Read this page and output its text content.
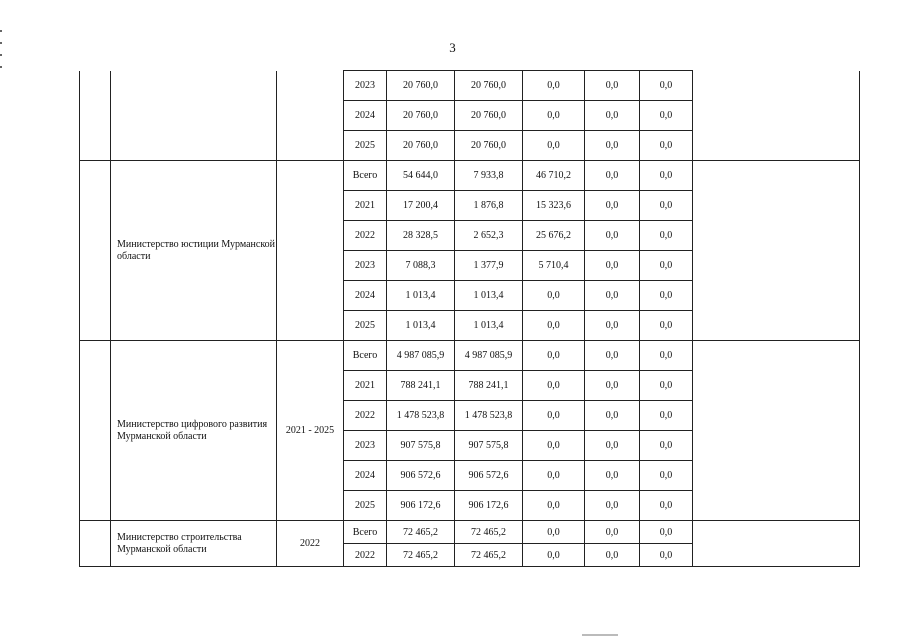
3
			2023	20 760,0	20 760,0	0,0	0,0	0,0	
			2024	20 760,0	20 760,0	0,0	0,0	0,0	
			2025	20 760,0	20 760,0	0,0	0,0	0,0	
	Министерство юстиции Мурманской области		Всего	54 644,0	7 933,8	46 710,2	0,0	0,0	
			2021	17 200,4	1 876,8	15 323,6	0,0	0,0	
			2022	28 328,5	2 652,3	25 676,2	0,0	0,0	
			2023	7 088,3	1 377,9	5 710,4	0,0	0,0	
			2024	1 013,4	1 013,4	0,0	0,0	0,0	
			2025	1 013,4	1 013,4	0,0	0,0	0,0	
	Министерство цифрового развития Мурманской области	2021 - 2025	Всего	4 987 085,9	4 987 085,9	0,0	0,0	0,0	
			2021	788 241,1	788 241,1	0,0	0,0	0,0	
			2022	1 478 523,8	1 478 523,8	0,0	0,0	0,0	
			2023	907 575,8	907 575,8	0,0	0,0	0,0	
			2024	906 572,6	906 572,6	0,0	0,0	0,0	
			2025	906 172,6	906 172,6	0,0	0,0	0,0	
	Министерство строительства Мурманской области	2022	Всего	72 465,2	72 465,2	0,0	0,0	0,0	
			2022	72 465,2	72 465,2	0,0	0,0	0,0	
